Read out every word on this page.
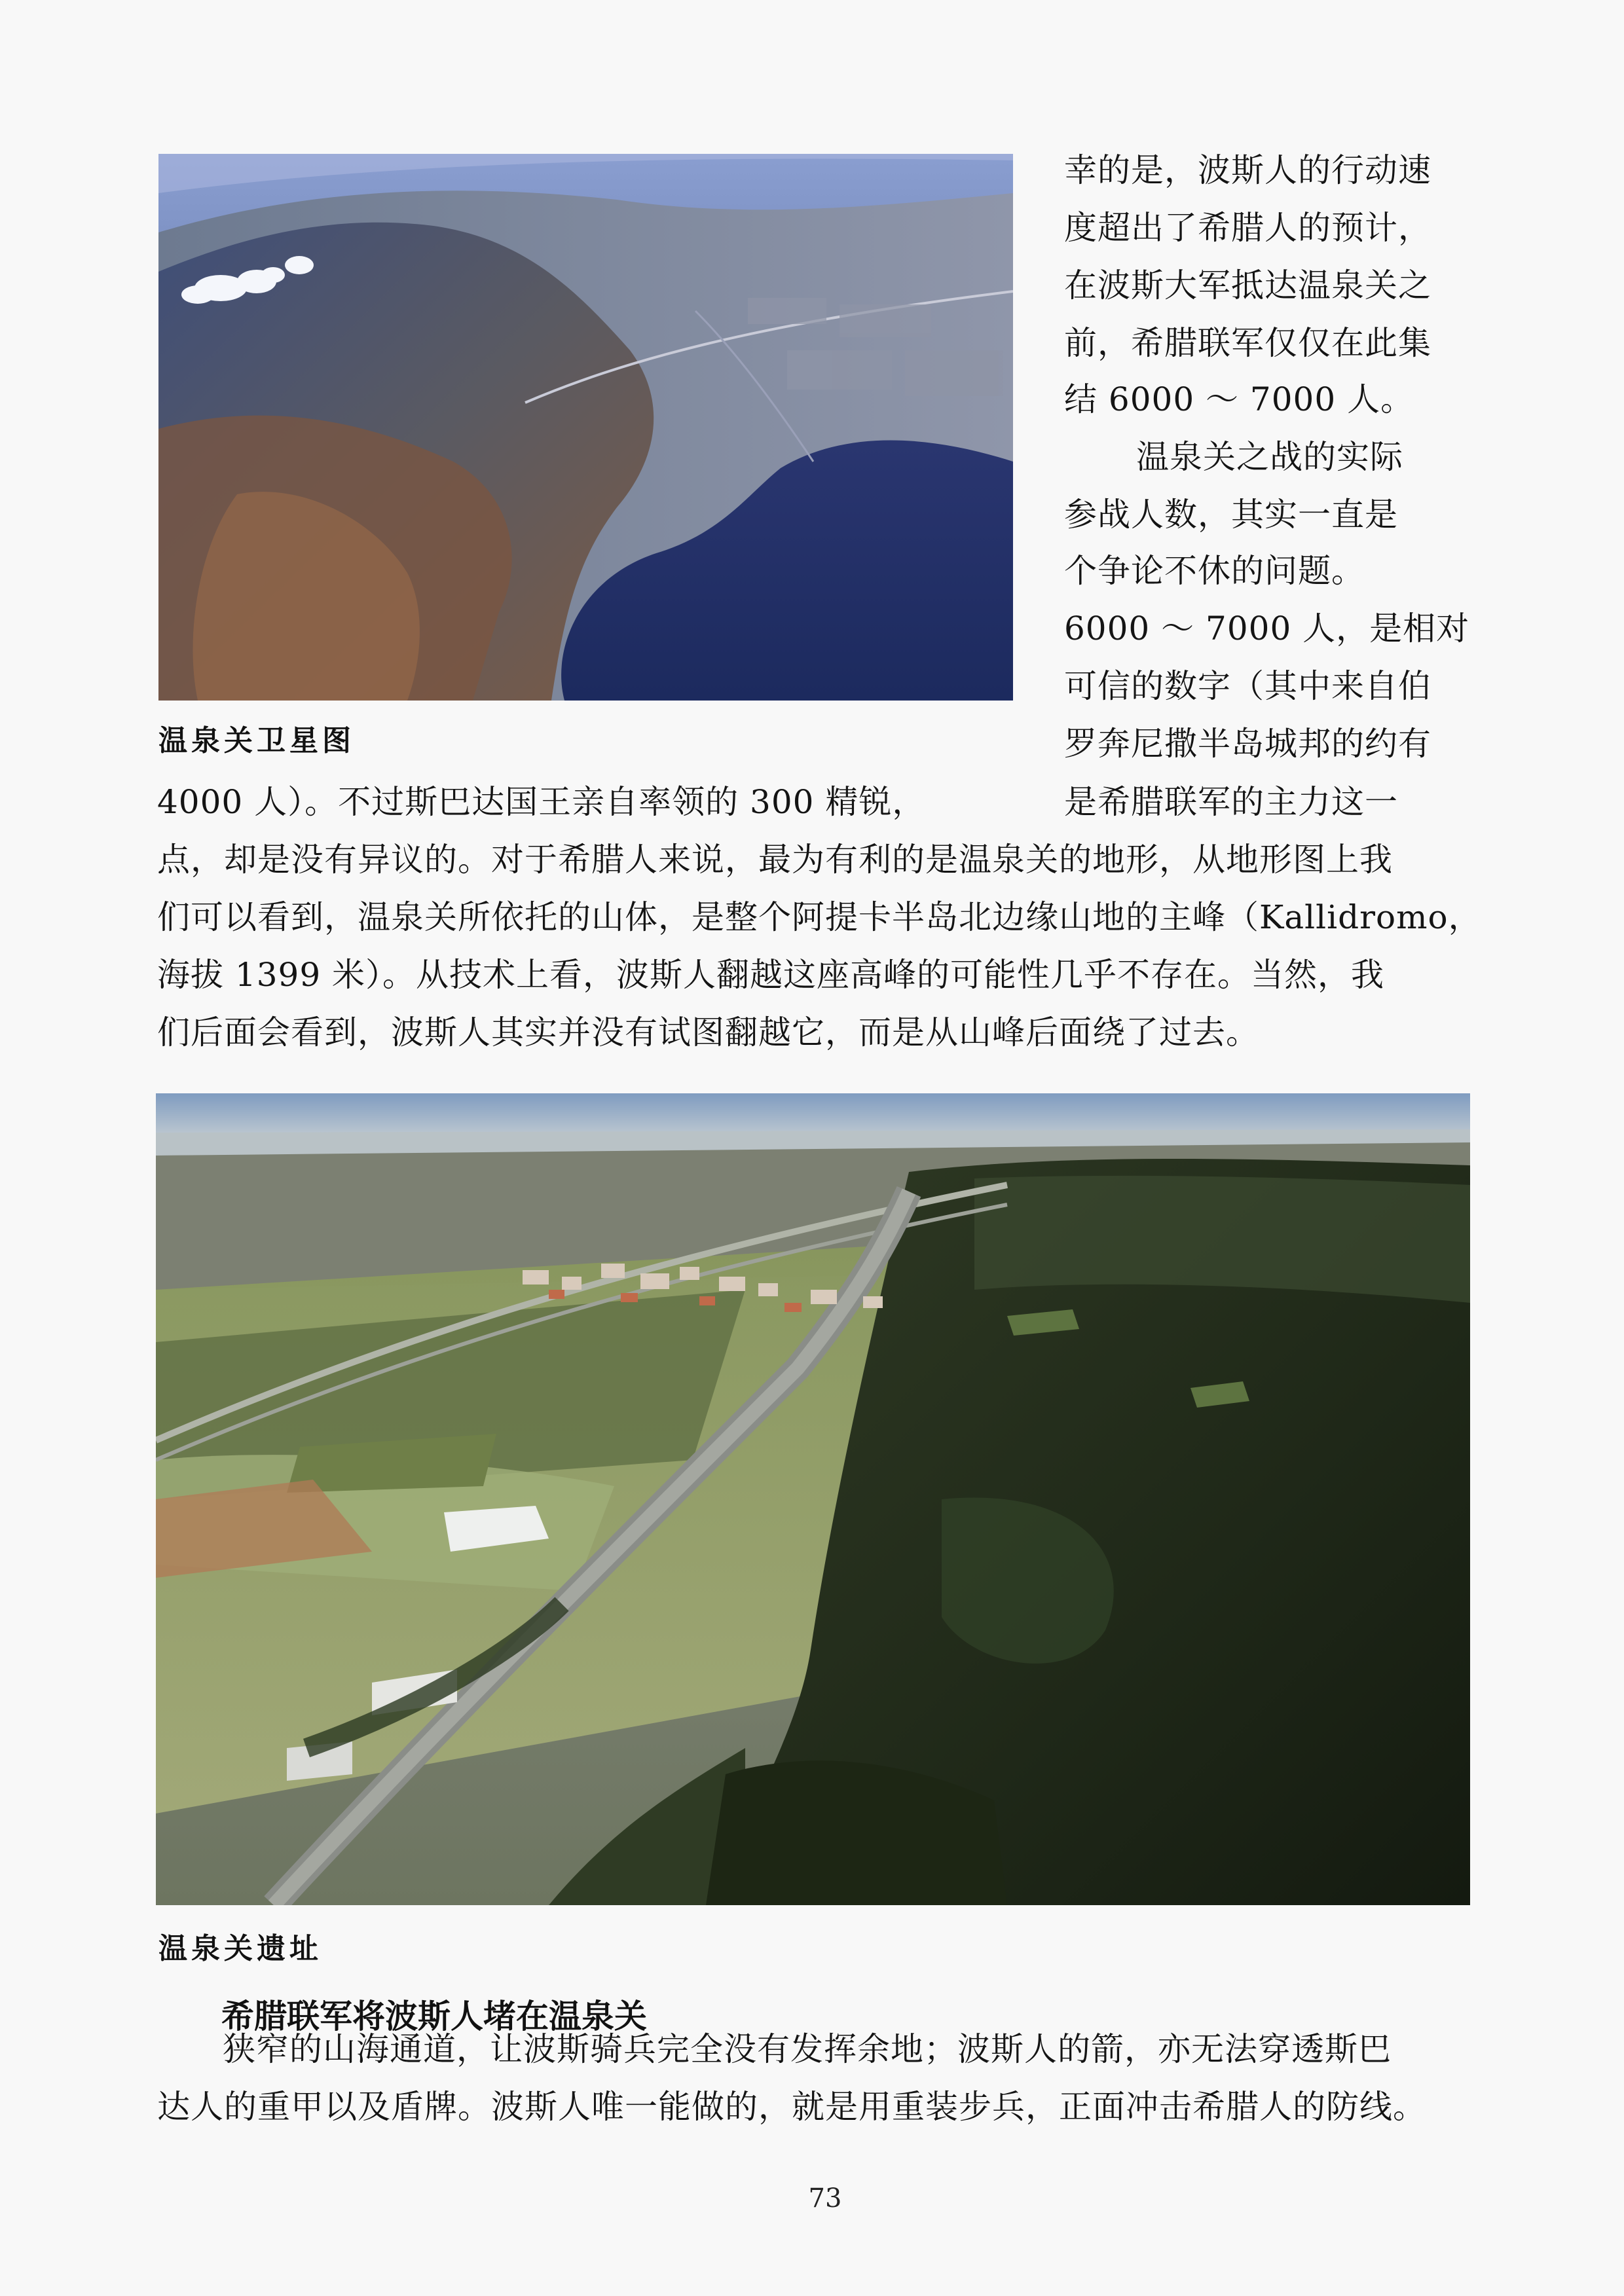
温泉关卫星图
幸的是，波斯人的行动速
度超出了希腊人的预计，
在波斯大军抵达温泉关之
前，希腊联军仅仅在此集
结 6000 ～ 7000 人。
温泉关之战的实际
参战人数，其实一直是
个争论不休的问题。
6000 ～ 7000 人，是相对
可信的数字（其中来自伯
罗奔尼撒半岛城邦的约有
4000 人）。不过斯巴达国王亲自率领的 300 精锐，	是希腊联军的主力这一
点，却是没有异议的。对于希腊人来说，最为有利的是温泉关的地形，从地形图上我
们可以看到，温泉关所依托的山体，是整个阿提卡半岛北边缘山地的主峰（Kallidromo，
海拔 1399 米）。从技术上看，波斯人翻越这座高峰的可能性几乎不存在。当然，我
们后面会看到，波斯人其实并没有试图翻越它，而是从山峰后面绕了过去。
温泉关遗址
希腊联军将波斯人堵在温泉关
狭窄的山海通道，让波斯骑兵完全没有发挥余地；波斯人的箭，亦无法穿透斯巴
达人的重甲以及盾牌。波斯人唯一能做的，就是用重装步兵，正面冲击希腊人的防线。
73
